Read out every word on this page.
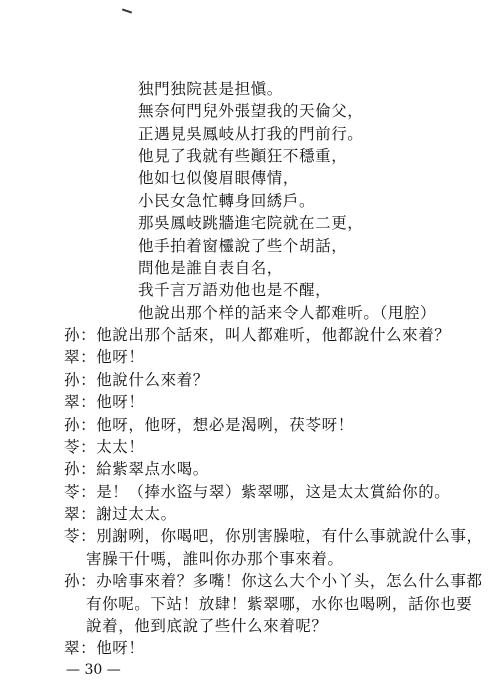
独門独院甚是担愼。
無奈何門兒外張望我的天倫父，
正遇見吳鳳岐从打我的門前行。
他見了我就有些顚狂不穩重，
他如乜似傻眉眼傳情，
小民女急忙轉身回綉戶。
那吳鳳岐跳牆進宅院就在二更，
他手拍着窗欞說了些个胡話，
問他是誰自表自名，
我千言万語劝他也是不醒，
他說出那个样的話来令人都难听。（甩腔）
孙：他說出那个話來，叫人都难听，他都說什么來着？
翠：他呀！
孙：他說什么來着？
翠：他呀！
孙：他呀，他呀，想必是渴咧，茯苓呀！
苓：太太！
孙：給紫翠点水喝。
苓：是！（捧水盜与翠）紫翠哪，这是太太賞給你的。
翠：謝过太太。
苓：別謝咧，你喝吧，你別害臊啦，有什么事就說什么事，
害臊干什嗎，誰叫你办那个事來着。
孙：办啥事來着？多嘴！你这么大个小丫头，怎么什么事都
有你呢。下站！放肆！紫翠哪，水你也喝咧，話你也要
說着，他到底說了些什么來着呢？
翠：他呀！
— 30 —
